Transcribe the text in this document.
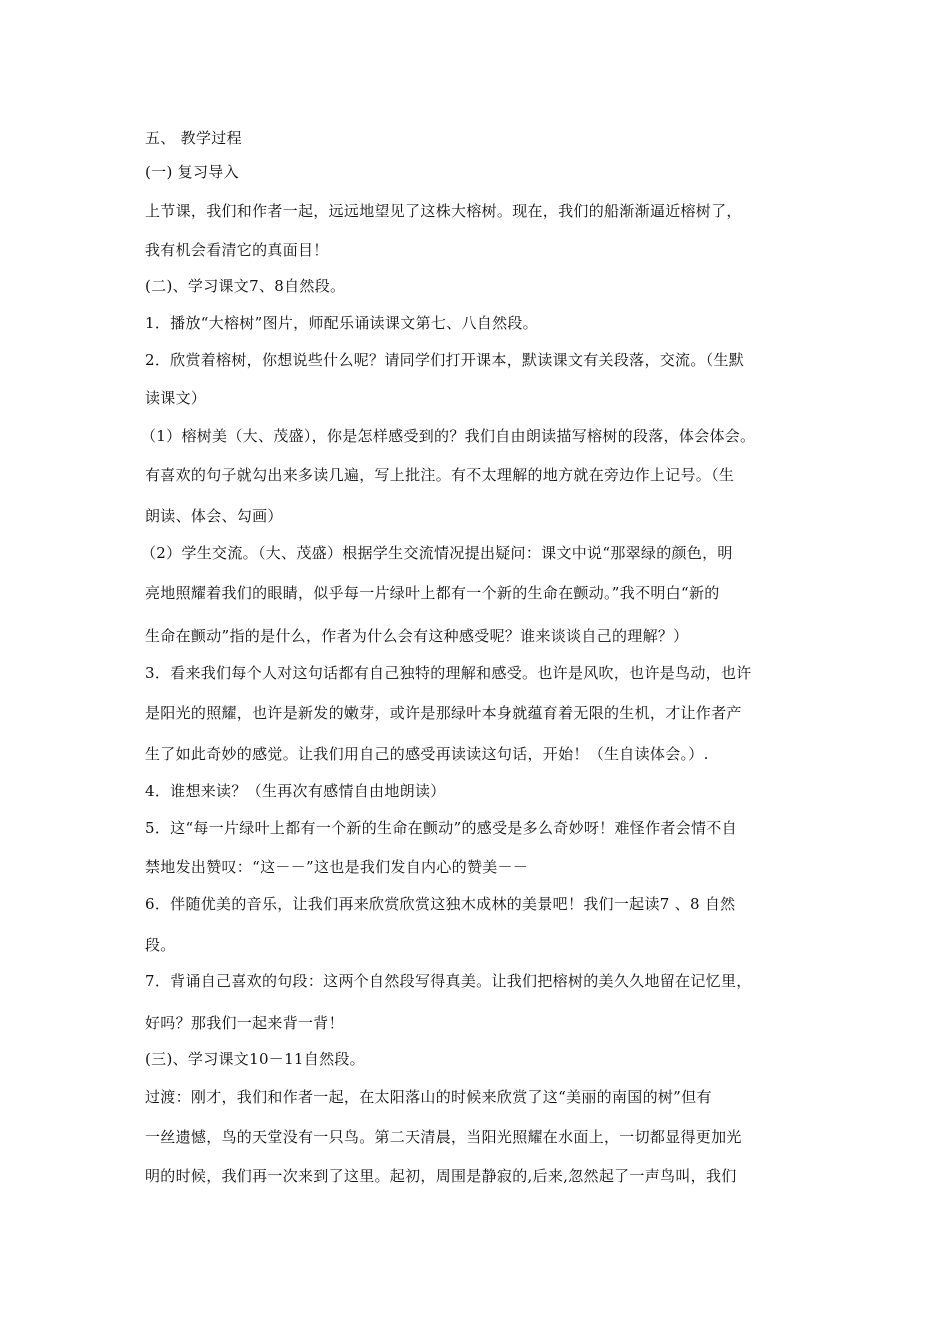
五、 教学过程
(一) 复习导入
上节课，我们和作者一起，远远地望见了这株大榕树。现在，我们的船渐渐逼近榕树了，
我有机会看清它的真面目！
(二)、学习课文7、8自然段。
1．播放“大榕树”图片，师配乐诵读课文第七、八自然段。
2．欣赏着榕树，你想说些什么呢？请同学们打开课本，默读课文有关段落，交流。（生默
读课文）
（1）榕树美（大、茂盛），你是怎样感受到的？我们自由朗读描写榕树的段落，体会体会。
有喜欢的句子就勾出来多读几遍，写上批注。有不太理解的地方就在旁边作上记号。（生
朗读、体会、勾画）
（2）学生交流。（大、茂盛）根据学生交流情况提出疑问：课文中说“那翠绿的颜色，明
亮地照耀着我们的眼睛，似乎每一片绿叶上都有一个新的生命在颤动。”我不明白“新的
生命在颤动”指的是什么，作者为什么会有这种感受呢？谁来谈谈自己的理解？）
3．看来我们每个人对这句话都有自己独特的理解和感受。也许是风吹，也许是鸟动，也许
是阳光的照耀，也许是新发的嫩芽，或许是那绿叶本身就蕴育着无限的生机，才让作者产
生了如此奇妙的感觉。让我们用自己的感受再读读这句话，开始！（生自读体会。）.
4．谁想来读？（生再次有感情自由地朗读）
5．这“每一片绿叶上都有一个新的生命在颤动”的感受是多么奇妙呀！难怪作者会情不自
禁地发出赞叹：“这－－”这也是我们发自内心的赞美－－
6．伴随优美的音乐，让我们再来欣赏欣赏这独木成林的美景吧！我们一起读7 、8 自然
段。
7．背诵自己喜欢的句段：这两个自然段写得真美。让我们把榕树的美久久地留在记忆里，
好吗？那我们一起来背一背！
(三)、学习课文10－11自然段。
过渡：刚才，我们和作者一起，在太阳落山的时候来欣赏了这“美丽的南国的树”但有
一丝遗憾，鸟的天堂没有一只鸟。第二天清晨，当阳光照耀在水面上，一切都显得更加光
明的时候，我们再一次来到了这里。起初，周围是静寂的,后来,忽然起了一声鸟叫，我们
